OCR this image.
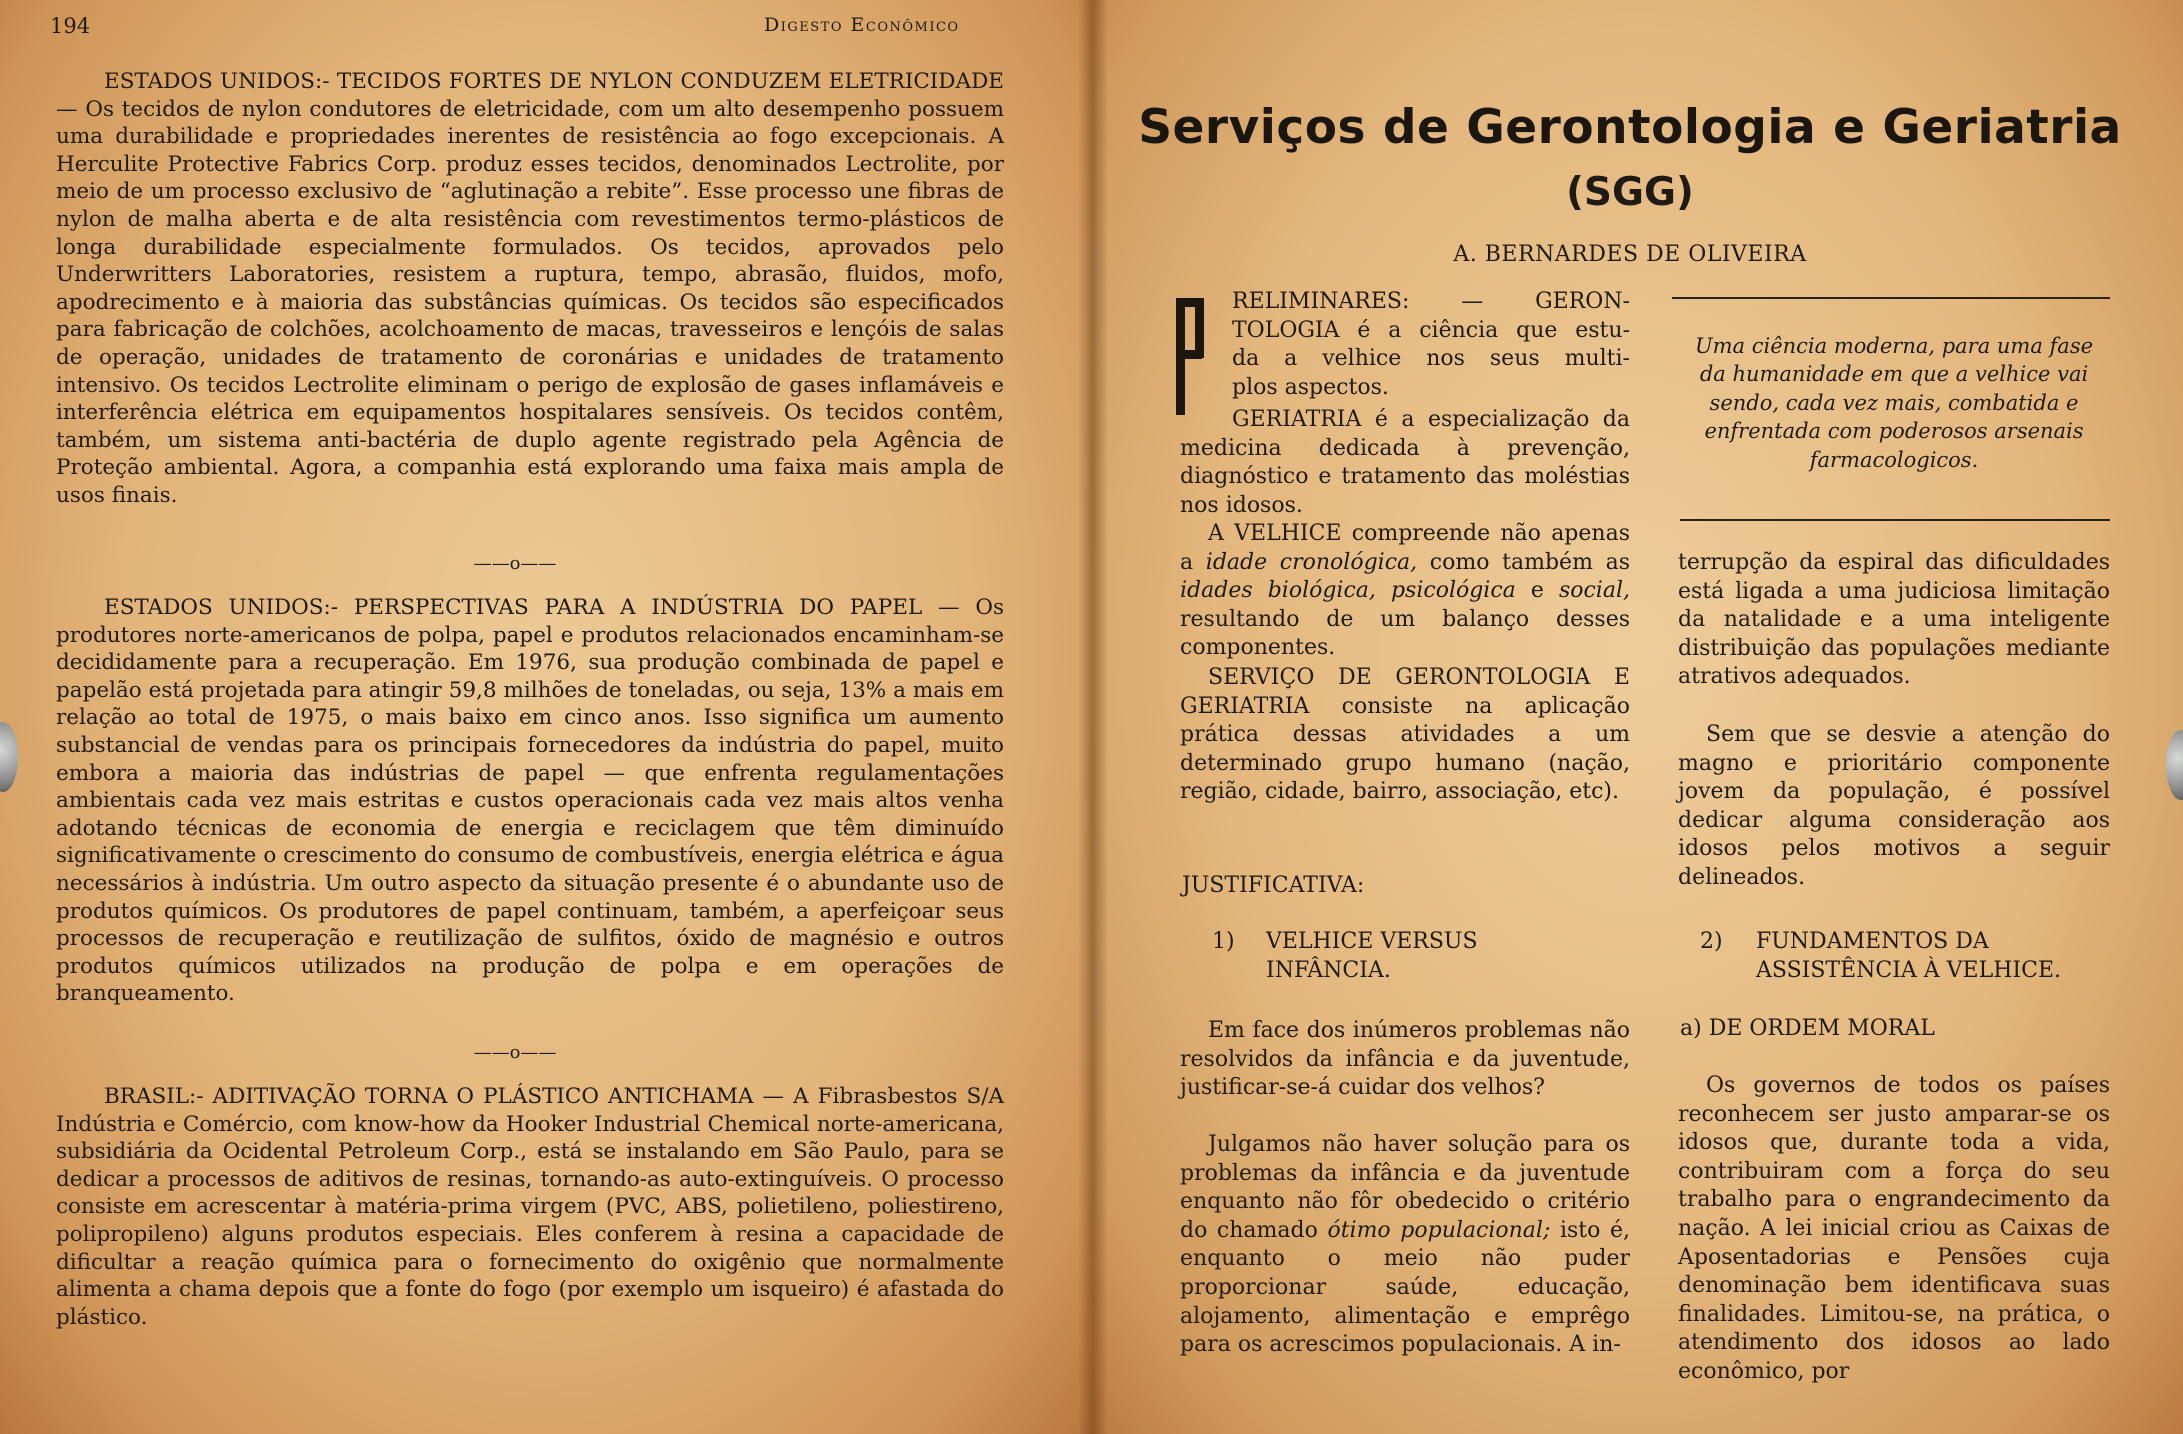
194	Digesto Econômico

ESTADOS UNIDOS:- TECIDOS FORTES DE NYLON CONDUZEM ELETRICIDADE — Os tecidos de nylon condutores de eletricidade, com um alto desempenho possuem uma durabilidade e propriedades inerentes de resistência ao fogo excepcionais. A Herculite Protective Fabrics Corp. produz esses tecidos, denominados Lectrolite, por meio de um processo exclusivo de “aglutinação a rebite”. Esse processo une fibras de nylon de malha aberta e de alta resistência com revestimentos termo-plásticos de longa durabilidade especialmente formulados. Os tecidos, aprovados pelo Underwritters Laboratories, resistem a ruptura, tempo, abrasão, fluidos, mofo, apodrecimento e à maioria das substâncias químicas. Os tecidos são especificados para fabricação de colchões, acolchoamento de macas, travesseiros e lençóis de salas de operação, unidades de tratamento de coronárias e unidades de tratamento intensivo. Os tecidos Lectrolite eliminam o perigo de explosão de gases inflamáveis e interferência elétrica em equipamentos hospitalares sensíveis. Os tecidos contêm, também, um sistema anti-bactéria de duplo agente registrado pela Agência de Proteção ambiental. Agora, a companhia está explorando uma faixa mais ampla de usos finais.

——o——

ESTADOS UNIDOS:- PERSPECTIVAS PARA A INDÚSTRIA DO PAPEL — Os produtores norte-americanos de polpa, papel e produtos relacionados encaminham-se decididamente para a recuperação. Em 1976, sua produção combinada de papel e papelão está projetada para atingir 59,8 milhões de toneladas, ou seja, 13% a mais em relação ao total de 1975, o mais baixo em cinco anos. Isso significa um aumento substancial de vendas para os principais fornecedores da indústria do papel, muito embora a maioria das indústrias de papel — que enfrenta regulamentações ambientais cada vez mais estritas e custos operacionais cada vez mais altos venha adotando técnicas de economia de energia e reciclagem que têm diminuído significativamente o crescimento do consumo de combustíveis, energia elétrica e água necessários à indústria. Um outro aspecto da situação presente é o abundante uso de produtos químicos. Os produtores de papel continuam, também, a aperfeiçoar seus processos de recuperação e reutilização de sulfitos, óxido de magnésio e outros produtos químicos utilizados na produção de polpa e em operações de branqueamento.

——o——

BRASIL:- ADITIVAÇÃO TORNA O PLÁSTICO ANTICHAMA — A Fibrasbestos S/A Indústria e Comércio, com know-how da Hooker Industrial Chemical norte-americana, subsidiária da Ocidental Petroleum Corp., está se instalando em São Paulo, para se dedicar a processos de aditivos de resinas, tornando-as auto-extinguíveis. O processo consiste em acrescentar à matéria-prima virgem (PVC, ABS, polietileno, poliestireno, polipropileno) alguns produtos especiais. Eles conferem à resina a capacidade de dificultar a reação química para o fornecimento do oxigênio que normalmente alimenta a chama depois que a fonte do fogo (por exemplo um isqueiro) é afastada do plástico.

Serviços de Gerontologia e Geriatria
(SGG)
A. BERNARDES DE OLIVEIRA
RELIMINARES: — GERON-
TOLOGIA é a ciência que estu-
da a velhice nos seus multi-
plos aspectos.

GERIATRIA é a especialização da medicina dedicada à prevenção, diagnóstico e tratamento das moléstias nos idosos.

A VELHICE compreende não apenas a idade cronológica, como também as idades biológica, psicológica e social, resultando de um balanço desses componentes.

SERVIÇO DE GERONTOLOGIA E GERIATRIA consiste na aplicação prática dessas atividades a um determinado grupo humano (nação, região, cidade, bairro, associação, etc).

JUSTIFICATIVA:
1) VELHICE VERSUS
INFÂNCIA.

Em face dos inúmeros problemas não resolvidos da infância e da juventude, justificar-se-á cuidar dos velhos?

Julgamos não haver solução para os problemas da infância e da juventude enquanto não fôr obedecido o critério do chamado ótimo populacional; isto é, enquanto o meio não puder proporcionar saúde, educação, alojamento, alimentação e emprêgo para os acrescimos populacionais. A in-

Uma ciência moderna, para uma fase da humanidade em que a velhice vai sendo, cada vez mais, combatida e enfrentada com poderosos arsenais farmacologicos.

terrupção da espiral das dificuldades está ligada a uma judiciosa limitação da natalidade e a uma inteligente distribuição das populações mediante atrativos adequados.

Sem que se desvie a atenção do magno e prioritário componente jovem da população, é possível dedicar alguma consideração aos idosos pelos motivos a seguir delineados.

2) FUNDAMENTOS DA
ASSISTÊNCIA À VELHICE.
a) DE ORDEM MORAL

Os governos de todos os países reconhecem ser justo amparar-se os idosos que, durante toda a vida, contribuiram com a força do seu trabalho para o engrandecimento da nação. A lei inicial criou as Caixas de Aposentadorias e Pensões cuja denominação bem identificava suas finalidades. Limitou-se, na prática, o atendimento dos idosos ao lado econômico, por
